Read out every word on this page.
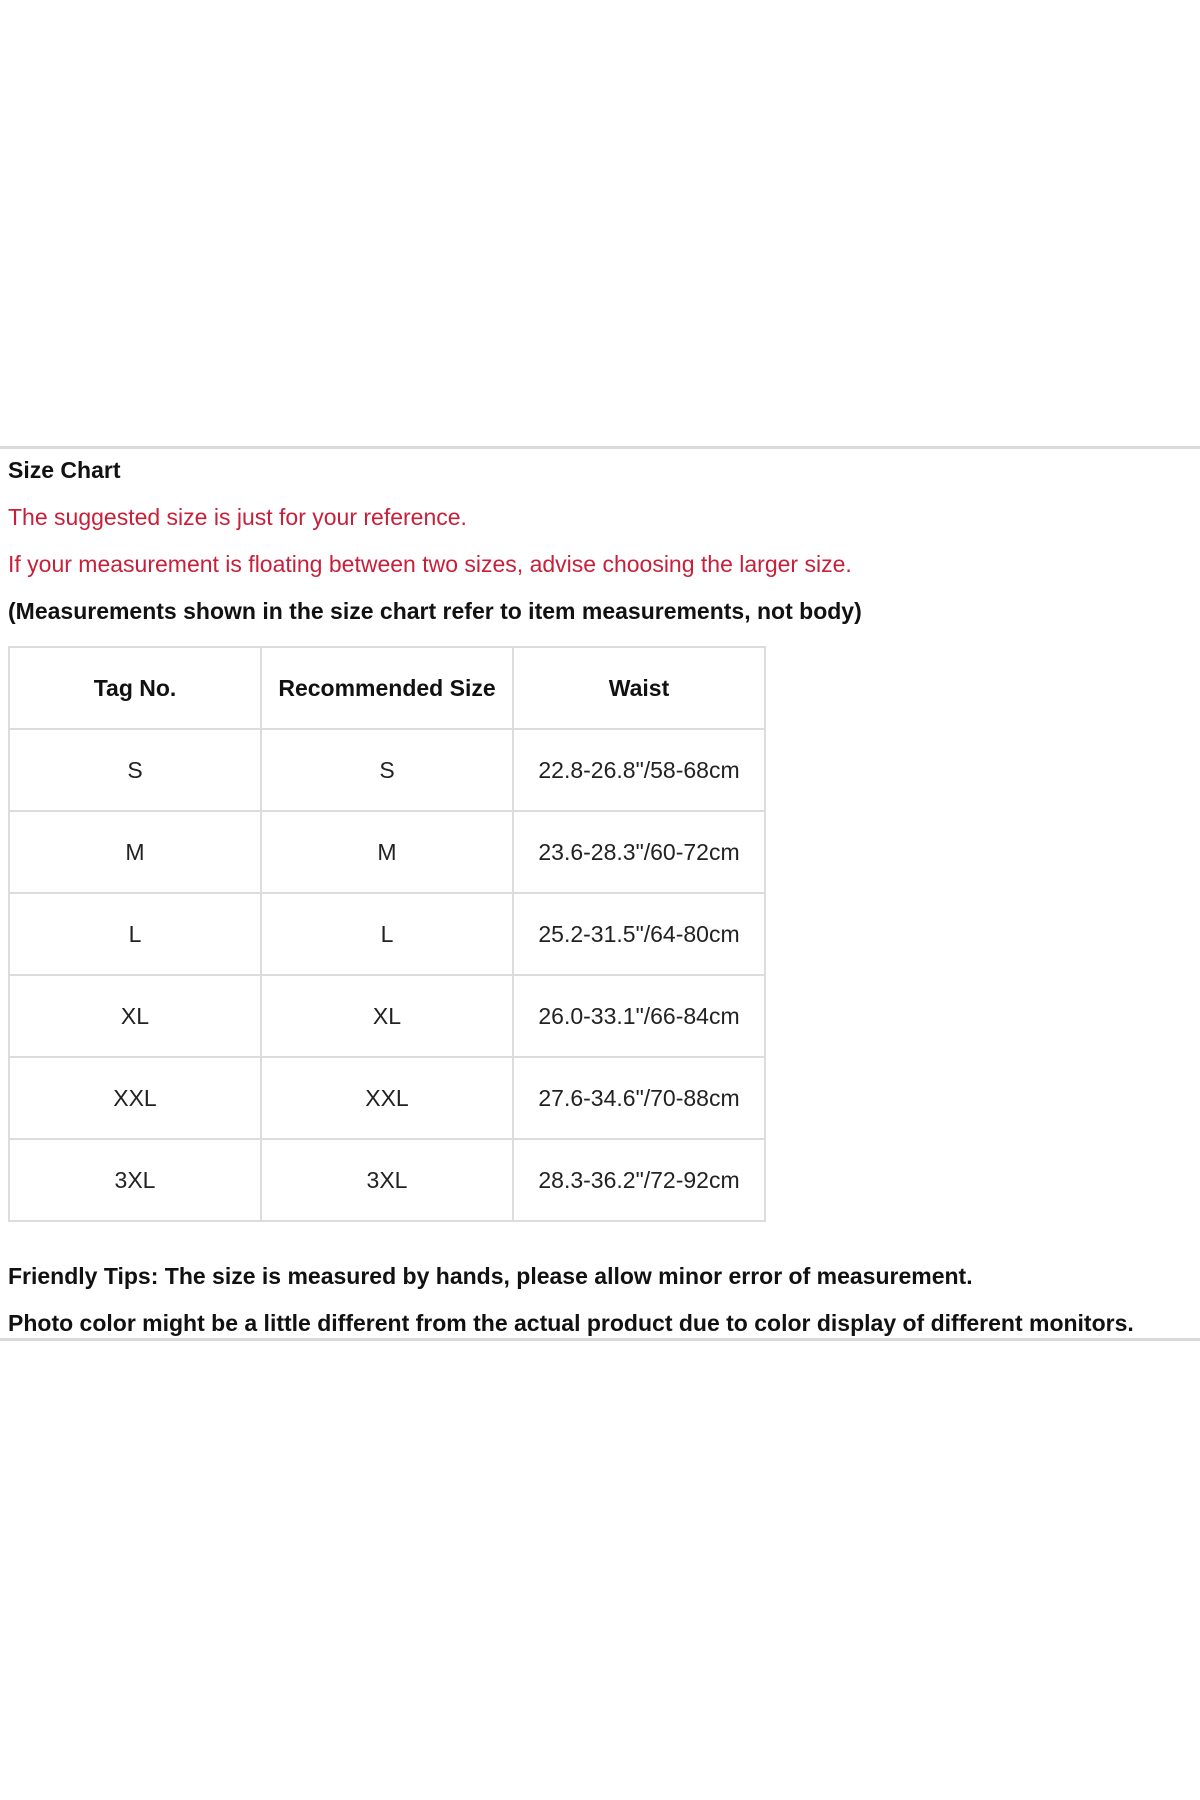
Size Chart
The suggested size is just for your reference.
If your measurement is floating between two sizes, advise choosing the larger size.
(Measurements shown in the size chart refer to item measurements, not body)
Tag No.	Recommended Size	Waist
S	S	22.8-26.8"/58-68cm
M	M	23.6-28.3"/60-72cm
L	L	25.2-31.5"/64-80cm
XL	XL	26.0-33.1"/66-84cm
XXL	XXL	27.6-34.6"/70-88cm
3XL	3XL	28.3-36.2"/72-92cm
Friendly Tips: The size is measured by hands, please allow minor error of measurement.
Photo color might be a little different from the actual product due to color display of different monitors.
